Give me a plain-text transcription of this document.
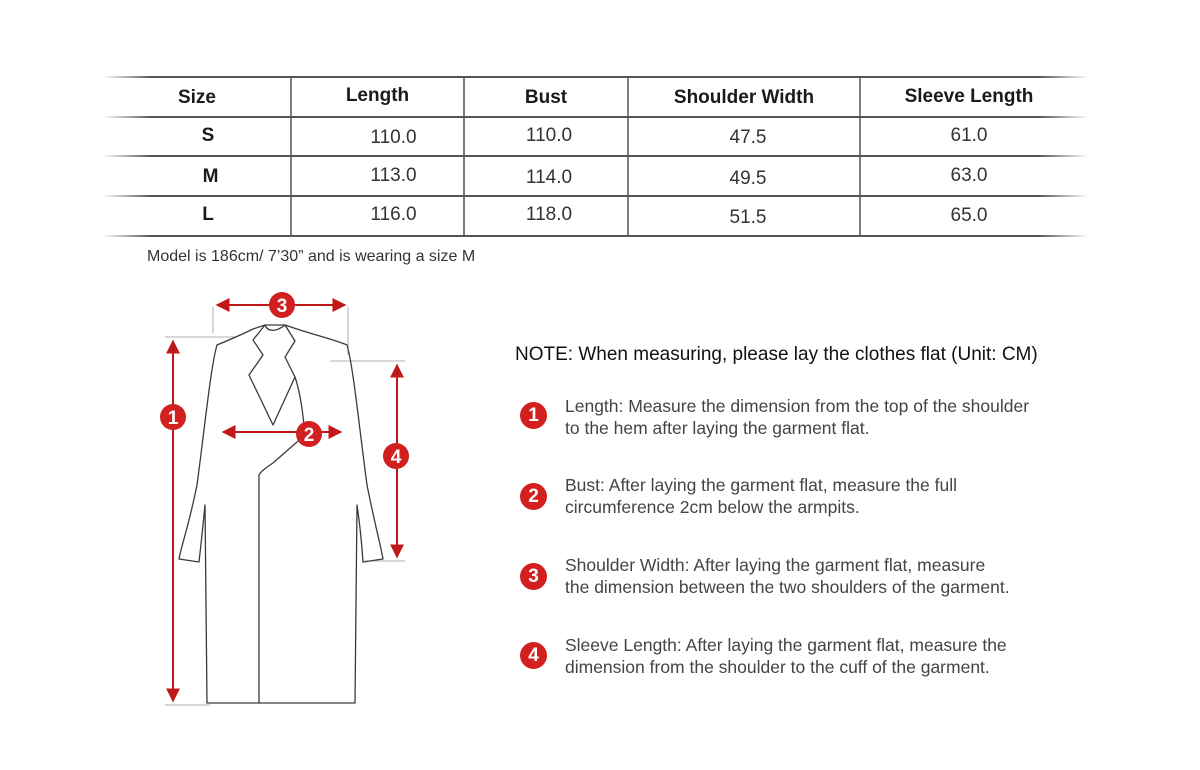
Size	Length	Bust	Shoulder Width	Sleeve Length
S	110.0	110.0	47.5	61.0
M	113.0	114.0	49.5	63.0
L	116.0	118.0	51.5	65.0
Model is 186cm/ 7’30” and is wearing a size M
3
1
2
4
NOTE: When measuring, please lay the clothes flat (Unit: CM)
1	Length: Measure the dimension from the top of the shoulder
to the hem after laying the garment flat.
2
Bust: After laying the garment flat, measure the full
circumference 2cm below the armpits.
3
Shoulder Width: After laying the garment flat, measure
the dimension between the two shoulders of the garment.
4	Sleeve Length: After laying the garment flat, measure the
dimension from the shoulder to the cuff of the garment.
